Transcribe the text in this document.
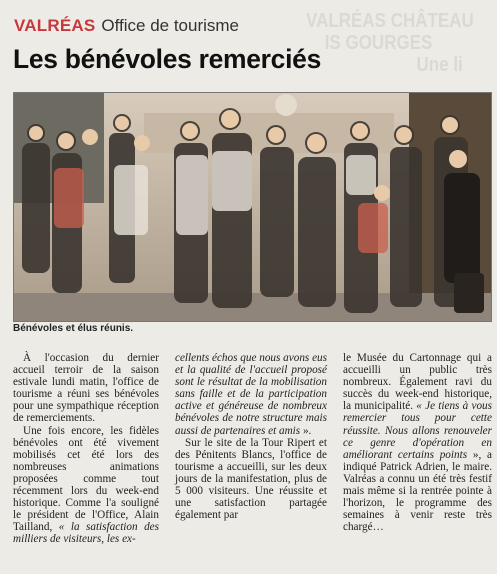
VALRÉAS CHÂTEAU
IS GOURGES
Une li
VALRÉAS Office de tourisme
Les bénévoles remerciés
Bénévoles et élus réunis.

À l'occasion du dernier accueil terroir de la saison estivale lundi matin, l'office de tourisme a réuni ses bénévoles pour une sympathique réception de remerciements.

Une fois encore, les fidèles bénévoles ont été vivement mobilisés cet été lors des nombreuses animations proposées comme tout récemment lors du week-end historique. Comme l'a souligné le président de l'Office, Alain Tailland, « la satisfaction des milliers de visiteurs, les ex-

cellents échos que nous avons eus et la qualité de l'accueil proposé sont le résultat de la mobilisation sans faille et de la participation active et généreuse de nombreux bénévoles de notre structure mais aussi de partenaires et amis ».

Sur le site de la Tour Ripert et des Pénitents Blancs, l'office de tourisme a accueilli, sur les deux jours de la manifestation, plus de 5 000 visiteurs. Une réussite et une satisfaction partagée également par

le Musée du Cartonnage qui a accueilli un public très nombreux. Également ravi du succès du week-end historique, la municipalité. « Je tiens à vous remercier tous pour cette réussite. Nous allons renouveler ce genre d'opération en améliorant certains points », a indiqué Patrick Adrien, le maire. Valréas a connu un été très festif mais même si la rentrée pointe à l'horizon, le programme des semaines à venir reste très chargé…
